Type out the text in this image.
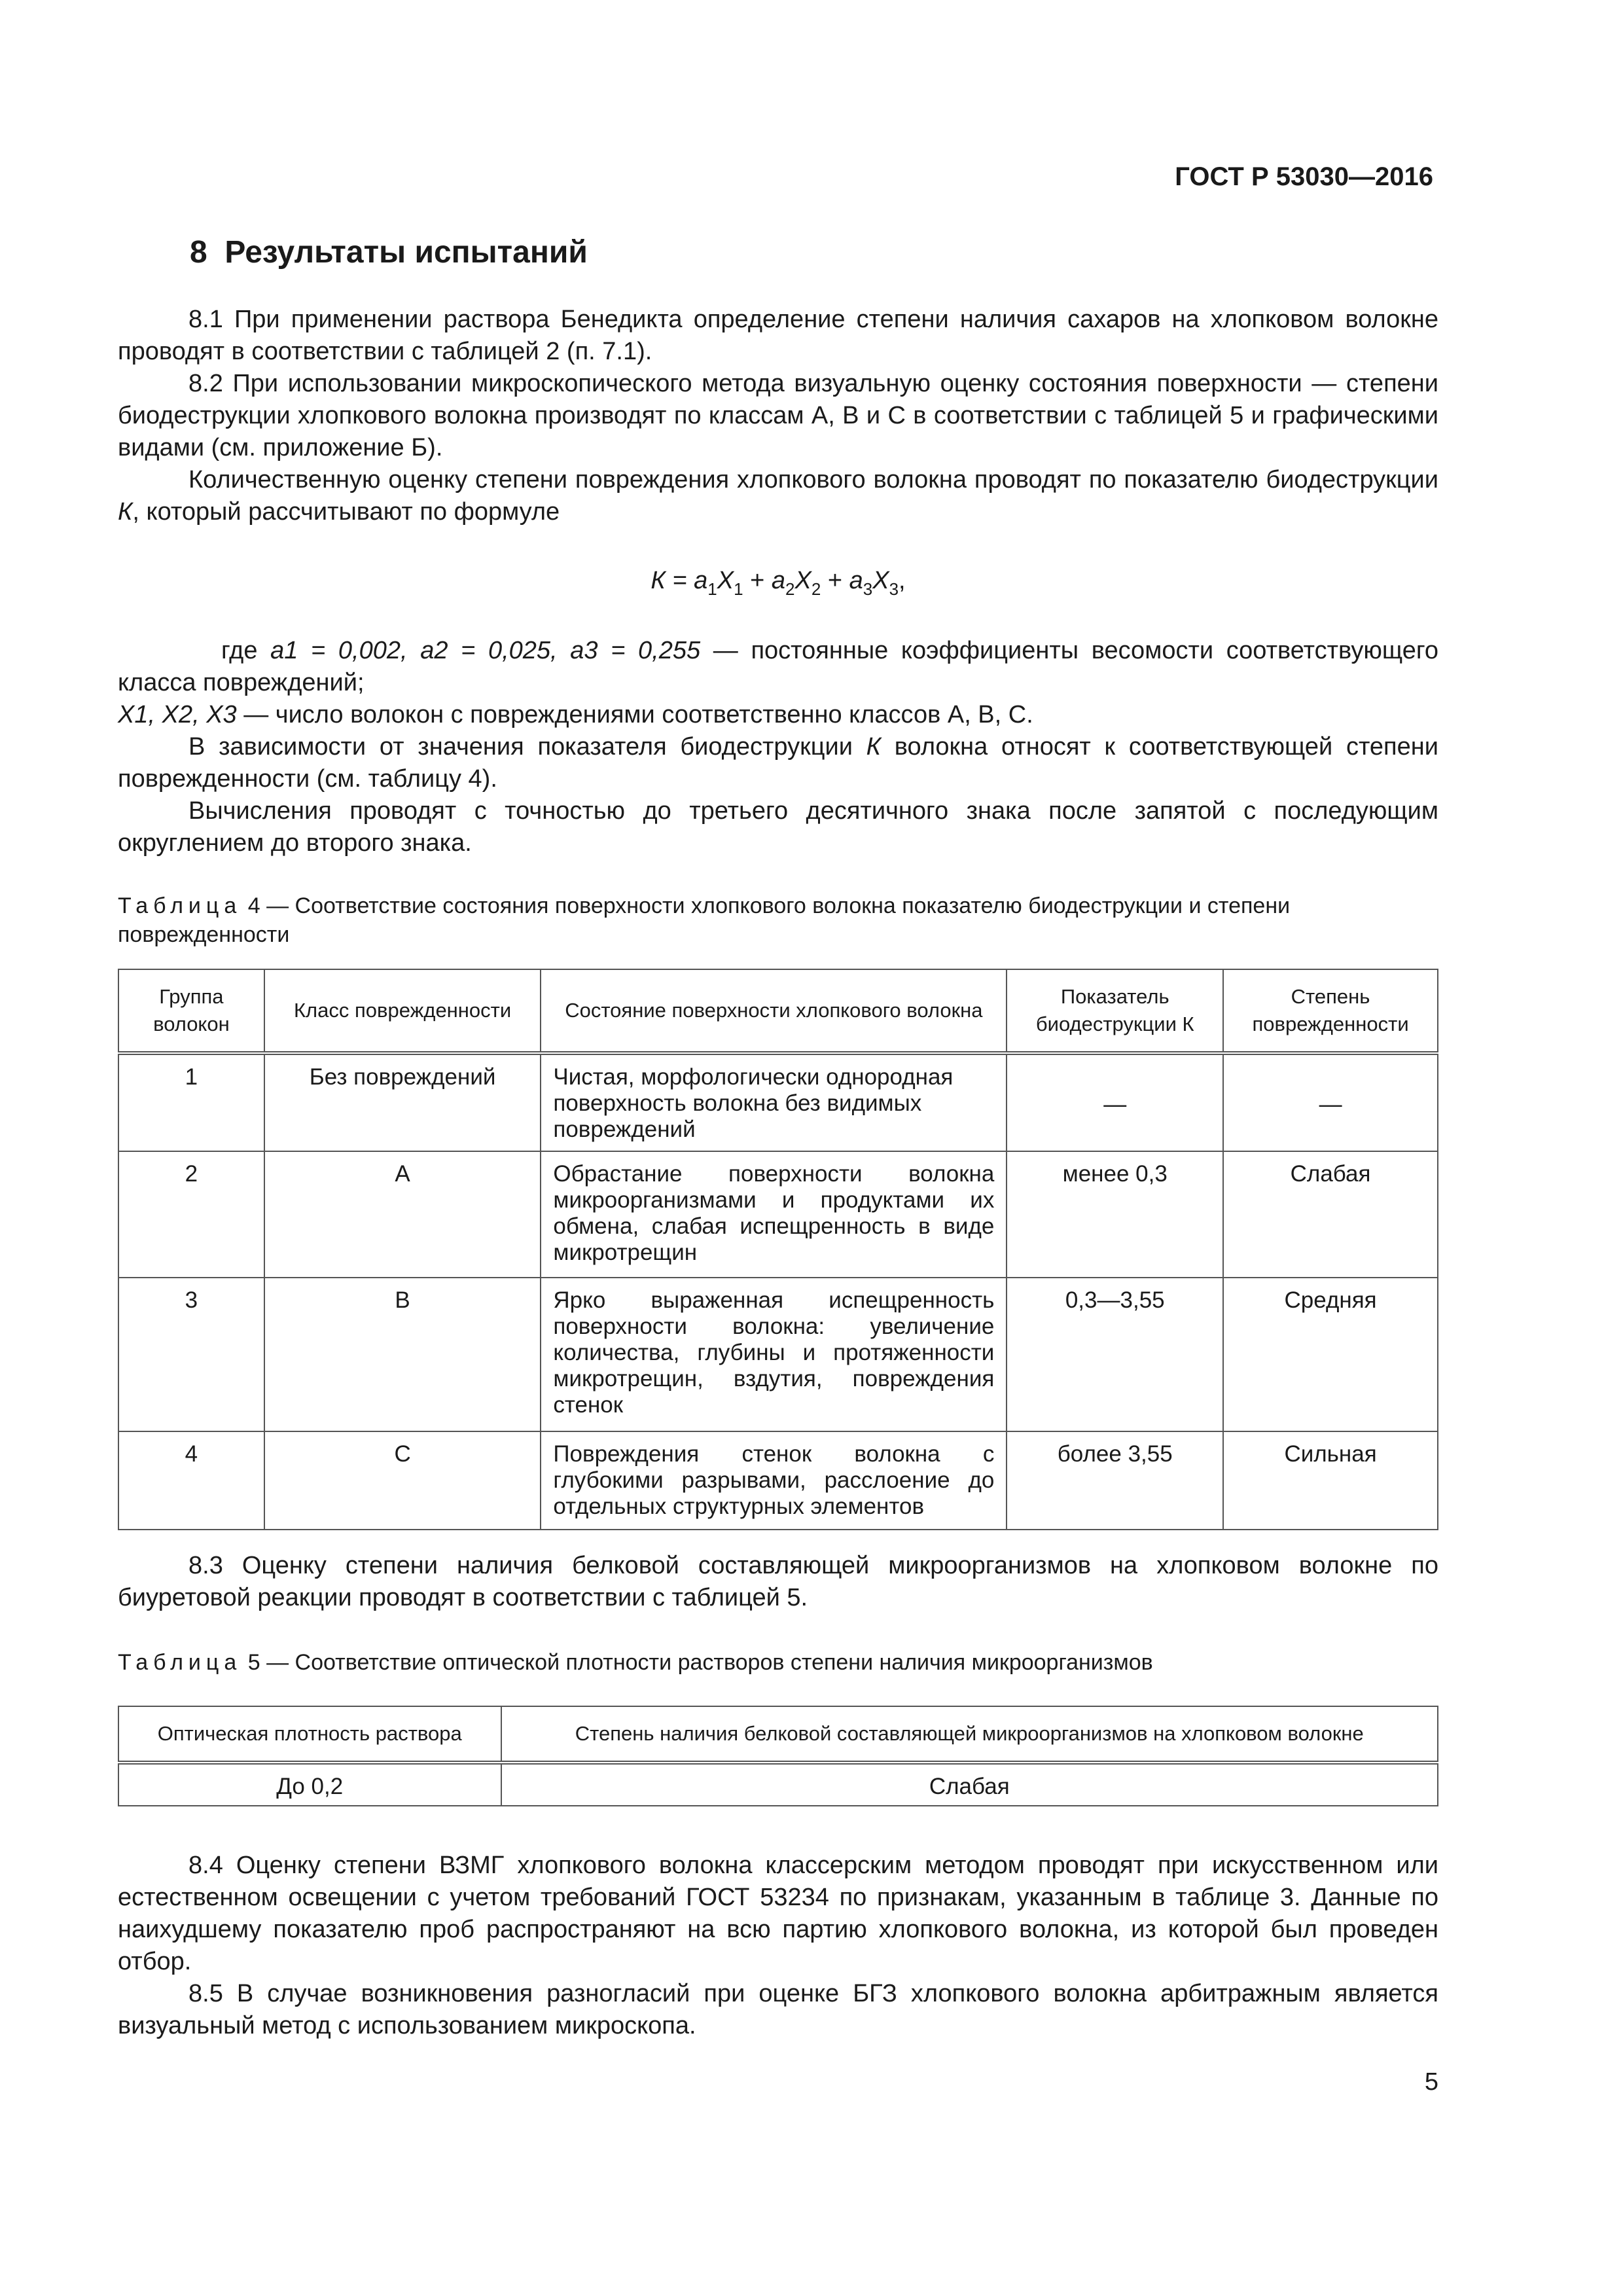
ГОСТ Р 53030—2016
8 Результаты испытаний

8.1 При применении раствора Бенедикта определение степени наличия сахаров на хлопковом волокне проводят в соответствии с таблицей 2 (п. 7.1).

8.2 При использовании микроскопического метода визуальную оценку состояния поверхности — степени биодеструкции хлопкового волокна производят по классам А, В и С в соответствии с таблицей 5 и графическими видами (см. приложение Б).

Количественную оценку степени повреждения хлопкового волокна проводят по показателю биодеструкции К, который рассчитывают по формуле

$К = a_1X_1 + a_2X_2 + a_3X_3$,

где a1 = 0,002, a2 = 0,025, a3 = 0,255 — постоянные коэффициенты весомости соответствующего класса повреждений;

X1, X2, X3 — число волокон с повреждениями соответственно классов А, В, С.

В зависимости от значения показателя биодеструкции К волокна относят к соответствующей степени поврежденности (см. таблицу 4).

Вычисления проводят с точностью до третьего десятичного знака после запятой с последующим округлением до второго знака.

Таблица 4 — Соответствие состояния поверхности хлопкового волокна показателю биодеструкции и степени поврежденности
Группа волокон	Класс поврежденности	Состояние поверхности хлопкового волокна	Показатель биодеструкции К	Степень поврежденности
1	Без повреждений	Чистая, морфологически однородная поверхность волокна без видимых повреждений	—	—
2	А	Обрастание поверхности волокна микроорганизмами и продуктами их обмена, слабая испещренность в виде микротрещин	менее 0,3	Слабая
3	В	Ярко выраженная испещренность поверхности волокна: увеличение количества, глубины и протяженности микротрещин, вздутия, повреждения стенок	0,3—3,55	Средняя
4	С	Повреждения стенок волокна с глубокими разрывами, расслоение до отдельных структурных элементов	более 3,55	Сильная

8.3 Оценку степени наличия белковой составляющей микроорганизмов на хлопковом волокне по биуретовой реакции проводят в соответствии с таблицей 5.

Таблица 5 — Соответствие оптической плотности растворов степени наличия микроорганизмов
Оптическая плотность раствора	Степень наличия белковой составляющей микроорганизмов на хлопковом волокне
До 0,2	Слабая

8.4 Оценку степени ВЗМГ хлопкового волокна классерским методом проводят при искусственном или естественном освещении с учетом требований ГОСТ 53234 по признакам, указанным в таблице 3. Данные по наихудшему показателю проб распространяют на всю партию хлопкового волокна, из которой был проведен отбор.

8.5 В случае возникновения разногласий при оценке БГЗ хлопкового волокна арбитражным является визуальный метод с использованием микроскопа.

5
